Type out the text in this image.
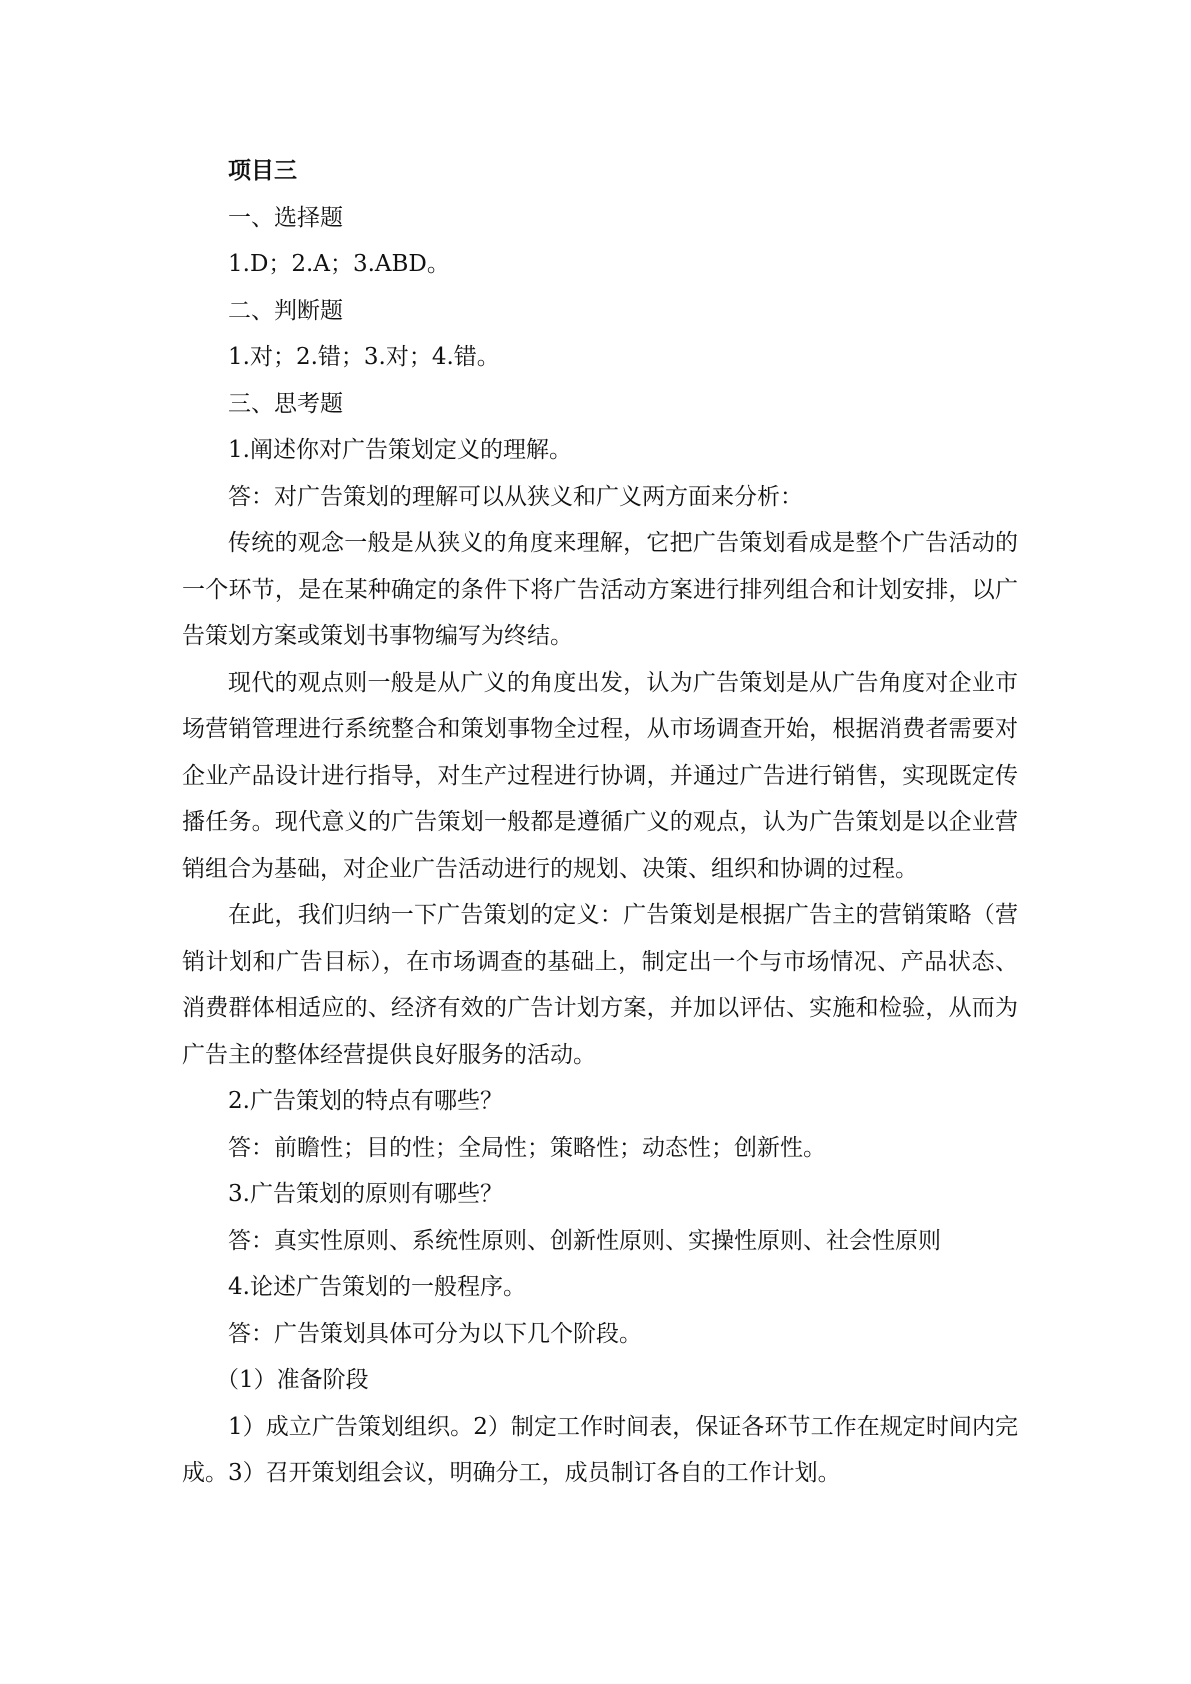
项目三

一、选择题

1.D；2.A；3.ABD。

二、判断题

1.对；2.错；3.对；4.错。

三、思考题

1.阐述你对广告策划定义的理解。

答：对广告策划的理解可以从狭义和广义两方面来分析：

传统的观念一般是从狭义的角度来理解，它把广告策划看成是整个广告活动的一个环节，是在某种确定的条件下将广告活动方案进行排列组合和计划安排，以广告策划方案或策划书事物编写为终结。

现代的观点则一般是从广义的角度出发，认为广告策划是从广告角度对企业市场营销管理进行系统整合和策划事物全过程，从市场调查开始，根据消费者需要对企业产品设计进行指导，对生产过程进行协调，并通过广告进行销售，实现既定传播任务。现代意义的广告策划一般都是遵循广义的观点，认为广告策划是以企业营销组合为基础，对企业广告活动进行的规划、决策、组织和协调的过程。

在此，我们归纳一下广告策划的定义：广告策划是根据广告主的营销策略（营销计划和广告目标），在市场调查的基础上，制定出一个与市场情况、产品状态、消费群体相适应的、经济有效的广告计划方案，并加以评估、实施和检验，从而为广告主的整体经营提供良好服务的活动。

2.广告策划的特点有哪些？

答：前瞻性；目的性；全局性；策略性；动态性；创新性。

3.广告策划的原则有哪些？

答：真实性原则、系统性原则、创新性原则、实操性原则、社会性原则

4.论述广告策划的一般程序。

答：广告策划具体可分为以下几个阶段。

（1）准备阶段

1）成立广告策划组织。2）制定工作时间表，保证各环节工作在规定时间内完成。3）召开策划组会议，明确分工，成员制订各自的工作计划。
